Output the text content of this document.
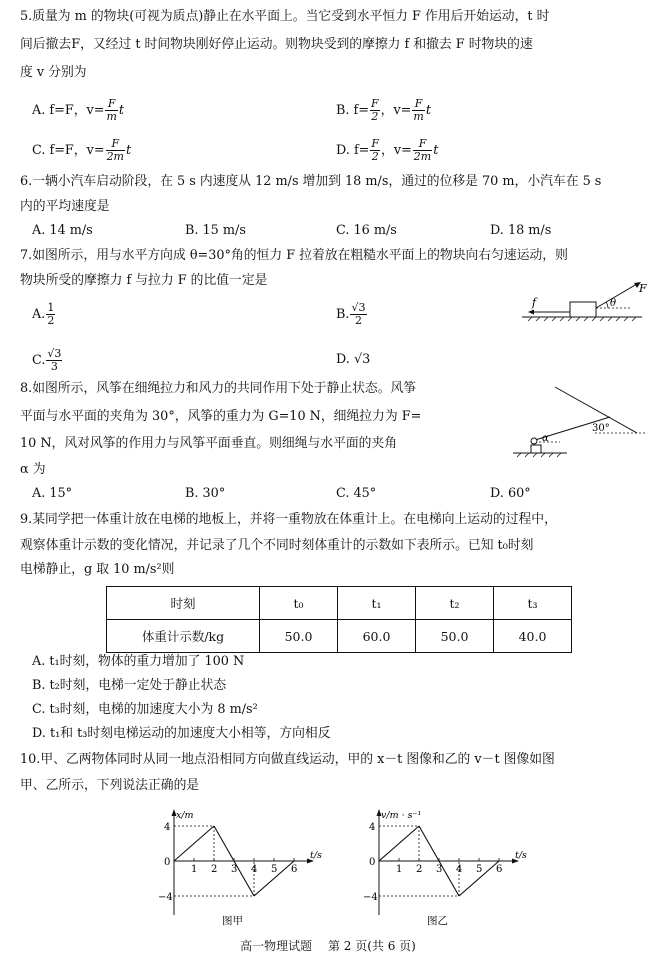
5.质量为 m 的物块(可视为质点)静止在水平面上。当它受到水平恒力 F 作用后开始运动，t 时
间后撤去F，又经过 t 时间物块刚好停止运动。则物块受到的摩擦力 f 和撤去 F 时物块的速
度 v 分别为
A. f=F，$v= \frac{F}{m}$ t	B. $f= \frac{F}{2}$ ，$v= \frac{F}{m}$ t
C. f=F，$v= \frac{F}{2m}$ t	D. $f= \frac{F}{2}$ ，$v= \frac{F}{2m}$ t
6.一辆小汽车启动阶段，在 5 s 内速度从 12 m/s 增加到 18 m/s，通过的位移是 70 m，小汽车在 5 s
内的平均速度是
A. 14 m/s	B. 15 m/s	C. 16 m/s	D. 18 m/s
7.如图所示，用与水平方向成 θ=30°角的恒力 F 拉着放在粗糙水平面上的物块向右匀速运动，则
物块所受的摩擦力 f 与拉力 F 的比值一定是
A. $\frac{1}{2}$	B. $\frac{√3}{2}$
C. $\frac{√3}{3}$	D. √3
f
F
θ
8.如图所示，风筝在细绳拉力和风力的共同作用下处于静止状态。风筝
平面与水平面的夹角为 30°，风筝的重力为 G=10 N，细绳拉力为 F=
10 N，风对风筝的作用力与风筝平面垂直。则细绳与水平面的夹角
α 为
A. 15°	B. 30°	C. 45°	D. 60°
30°
α
9.某同学把一体重计放在电梯的地板上，并将一重物放在体重计上。在电梯向上运动的过程中，
观察体重计示数的变化情况，并记录了几个不同时刻体重计的示数如下表所示。已知 t₀时刻
电梯静止，g 取 10 m/s²则
时刻	t₀	t₁	t₂	t₃
体重计示数/kg	50.0	60.0	50.0	40.0
A. t₁时刻，物体的重力增加了 100 N
B. t₂时刻，电梯一定处于静止状态
C. t₃时刻，电梯的加速度大小为 8 m/s²
D. t₁和 t₃时刻电梯运动的加速度大小相等，方向相反
10.甲、乙两物体同时从同一地点沿相同方向做直线运动，甲的 x－t 图像和乙的 v－t 图像如图
甲、乙所示，下列说法正确的是
x/m
t/s
4
0
−4
1 2 3 4 5 6
图甲
v/m · s⁻¹
t/s
4
0
−4
1 2 3 4 5 6
图乙
高一物理试题　 第 2 页(共 6 页)
